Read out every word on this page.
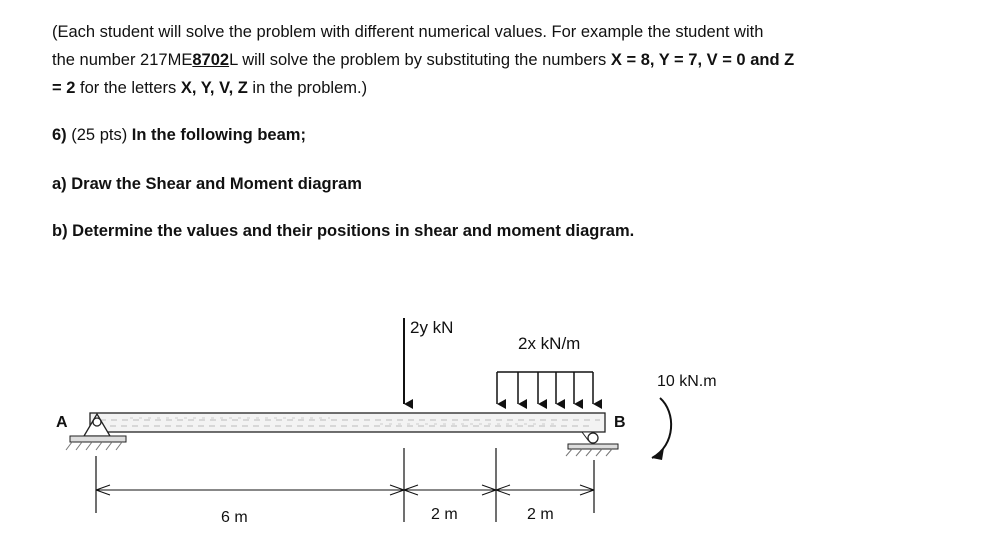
(Each student will solve the problem with different numerical values. For example the student with
the number 217ME8702L will solve the problem by substituting the numbers X = 8, Y = 7, V = 0 and Z
= 2 for the letters X, Y, V, Z in the problem.)
6) (25 pts) In the following beam;
a) Draw the Shear and Moment diagram
b) Determine the values and their positions in shear and moment diagram.
A	B
2y kN
2x kN/m
10 kN.m
6 m	2 m	2 m
